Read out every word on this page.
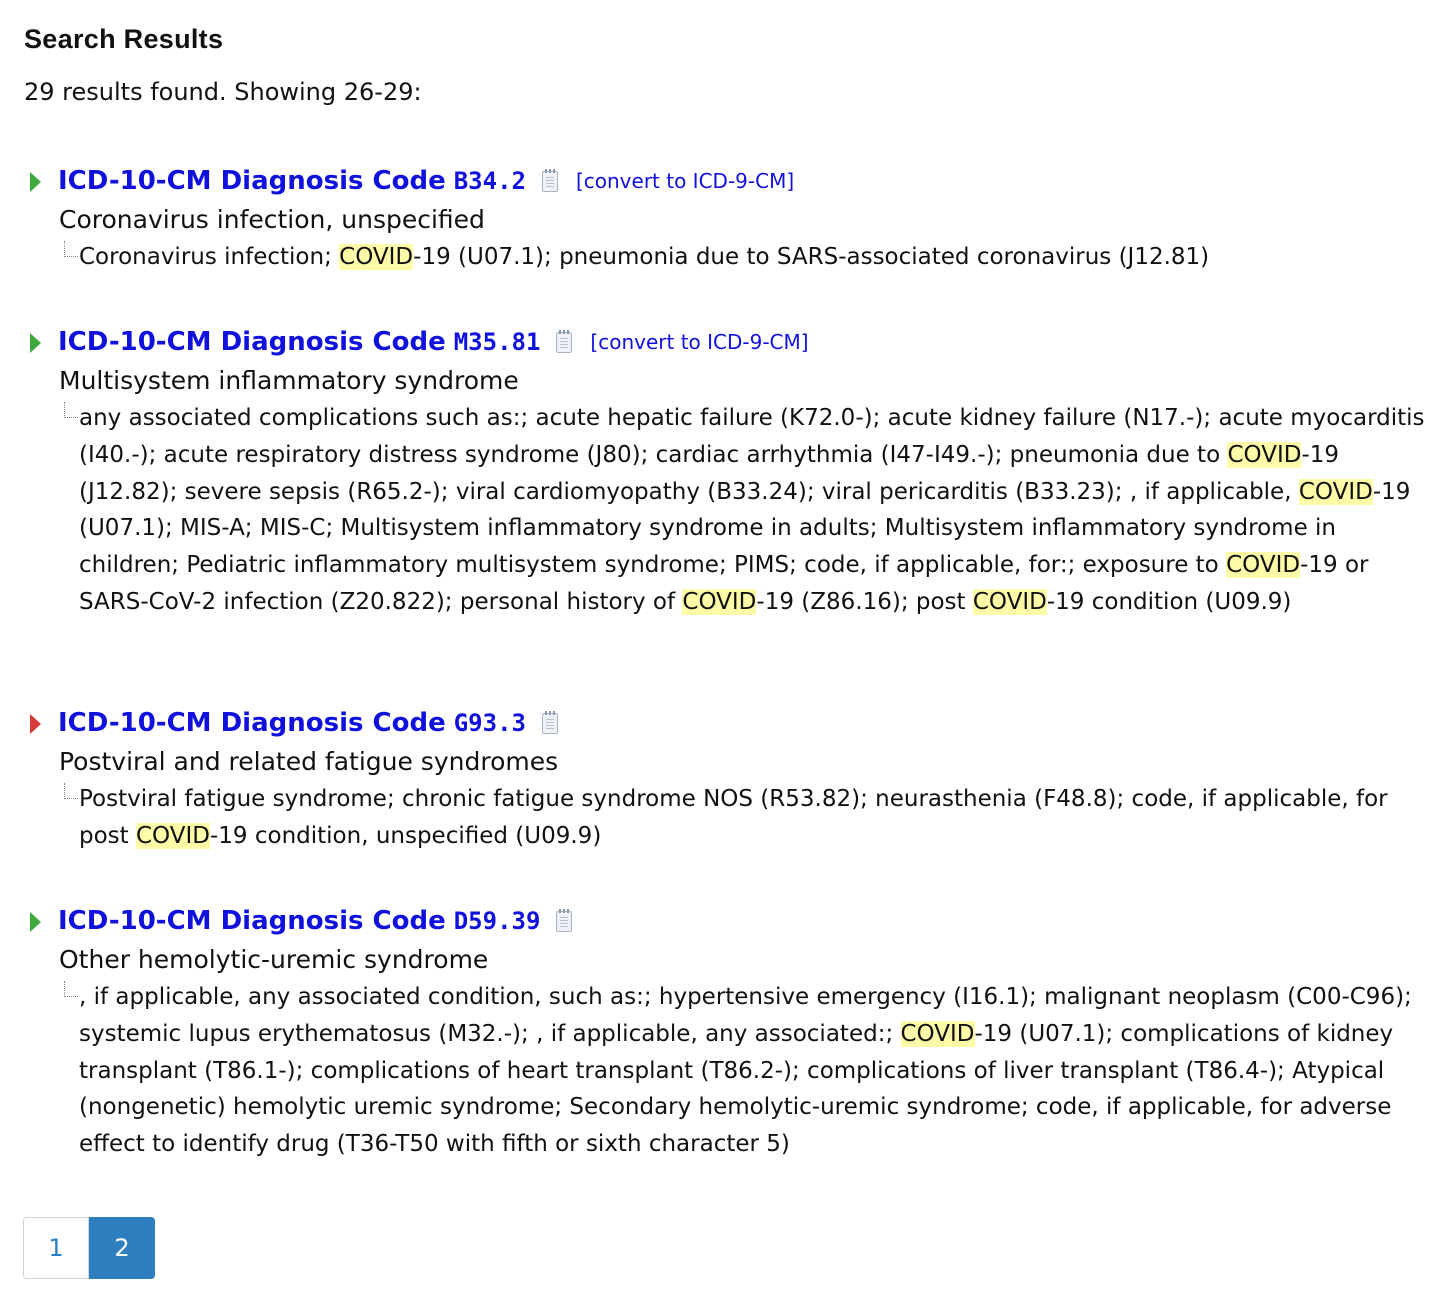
Search Results
29 results found. Showing 26-29:
ICD-10-CM Diagnosis Code B34.2	[convert to ICD-9-CM]
Coronavirus infection, unspecified
Coronavirus infection; COVID-19 (U07.1); pneumonia due to SARS-associated coronavirus (J12.81)
ICD-10-CM Diagnosis Code M35.81	[convert to ICD-9-CM]
Multisystem inflammatory syndrome
any associated complications such as:; acute hepatic failure (K72.0-); acute kidney failure (N17.-); acute myocarditis (I40.-); acute respiratory distress syndrome (J80); cardiac arrhythmia (I47-I49.-); pneumonia due to COVID-19 (J12.82); severe sepsis (R65.2-); viral cardiomyopathy (B33.24); viral pericarditis (B33.23); , if applicable, COVID-19 (U07.1); MIS-A; MIS-C; Multisystem inflammatory syndrome in adults; Multisystem inflammatory syndrome in children; Pediatric inflammatory multisystem syndrome; PIMS; code, if applicable, for:; exposure to COVID-19 or SARS-CoV-2 infection (Z20.822); personal history of COVID-19 (Z86.16); post COVID-19 condition (U09.9)
ICD-10-CM Diagnosis Code G93.3
Postviral and related fatigue syndromes
Postviral fatigue syndrome; chronic fatigue syndrome NOS (R53.82); neurasthenia (F48.8); code, if applicable, for post COVID-19 condition, unspecified (U09.9)
ICD-10-CM Diagnosis Code D59.39
Other hemolytic-uremic syndrome
, if applicable, any associated condition, such as:; hypertensive emergency (I16.1); malignant neoplasm (C00-C96); systemic lupus erythematosus (M32.-); , if applicable, any associated:; COVID-19 (U07.1); complications of kidney transplant (T86.1-); complications of heart transplant (T86.2-); complications of liver transplant (T86.4-); Atypical (nongenetic) hemolytic uremic syndrome; Secondary hemolytic-uremic syndrome; code, if applicable, for adverse effect to identify drug (T36-T50 with fifth or sixth character 5)
1	2
